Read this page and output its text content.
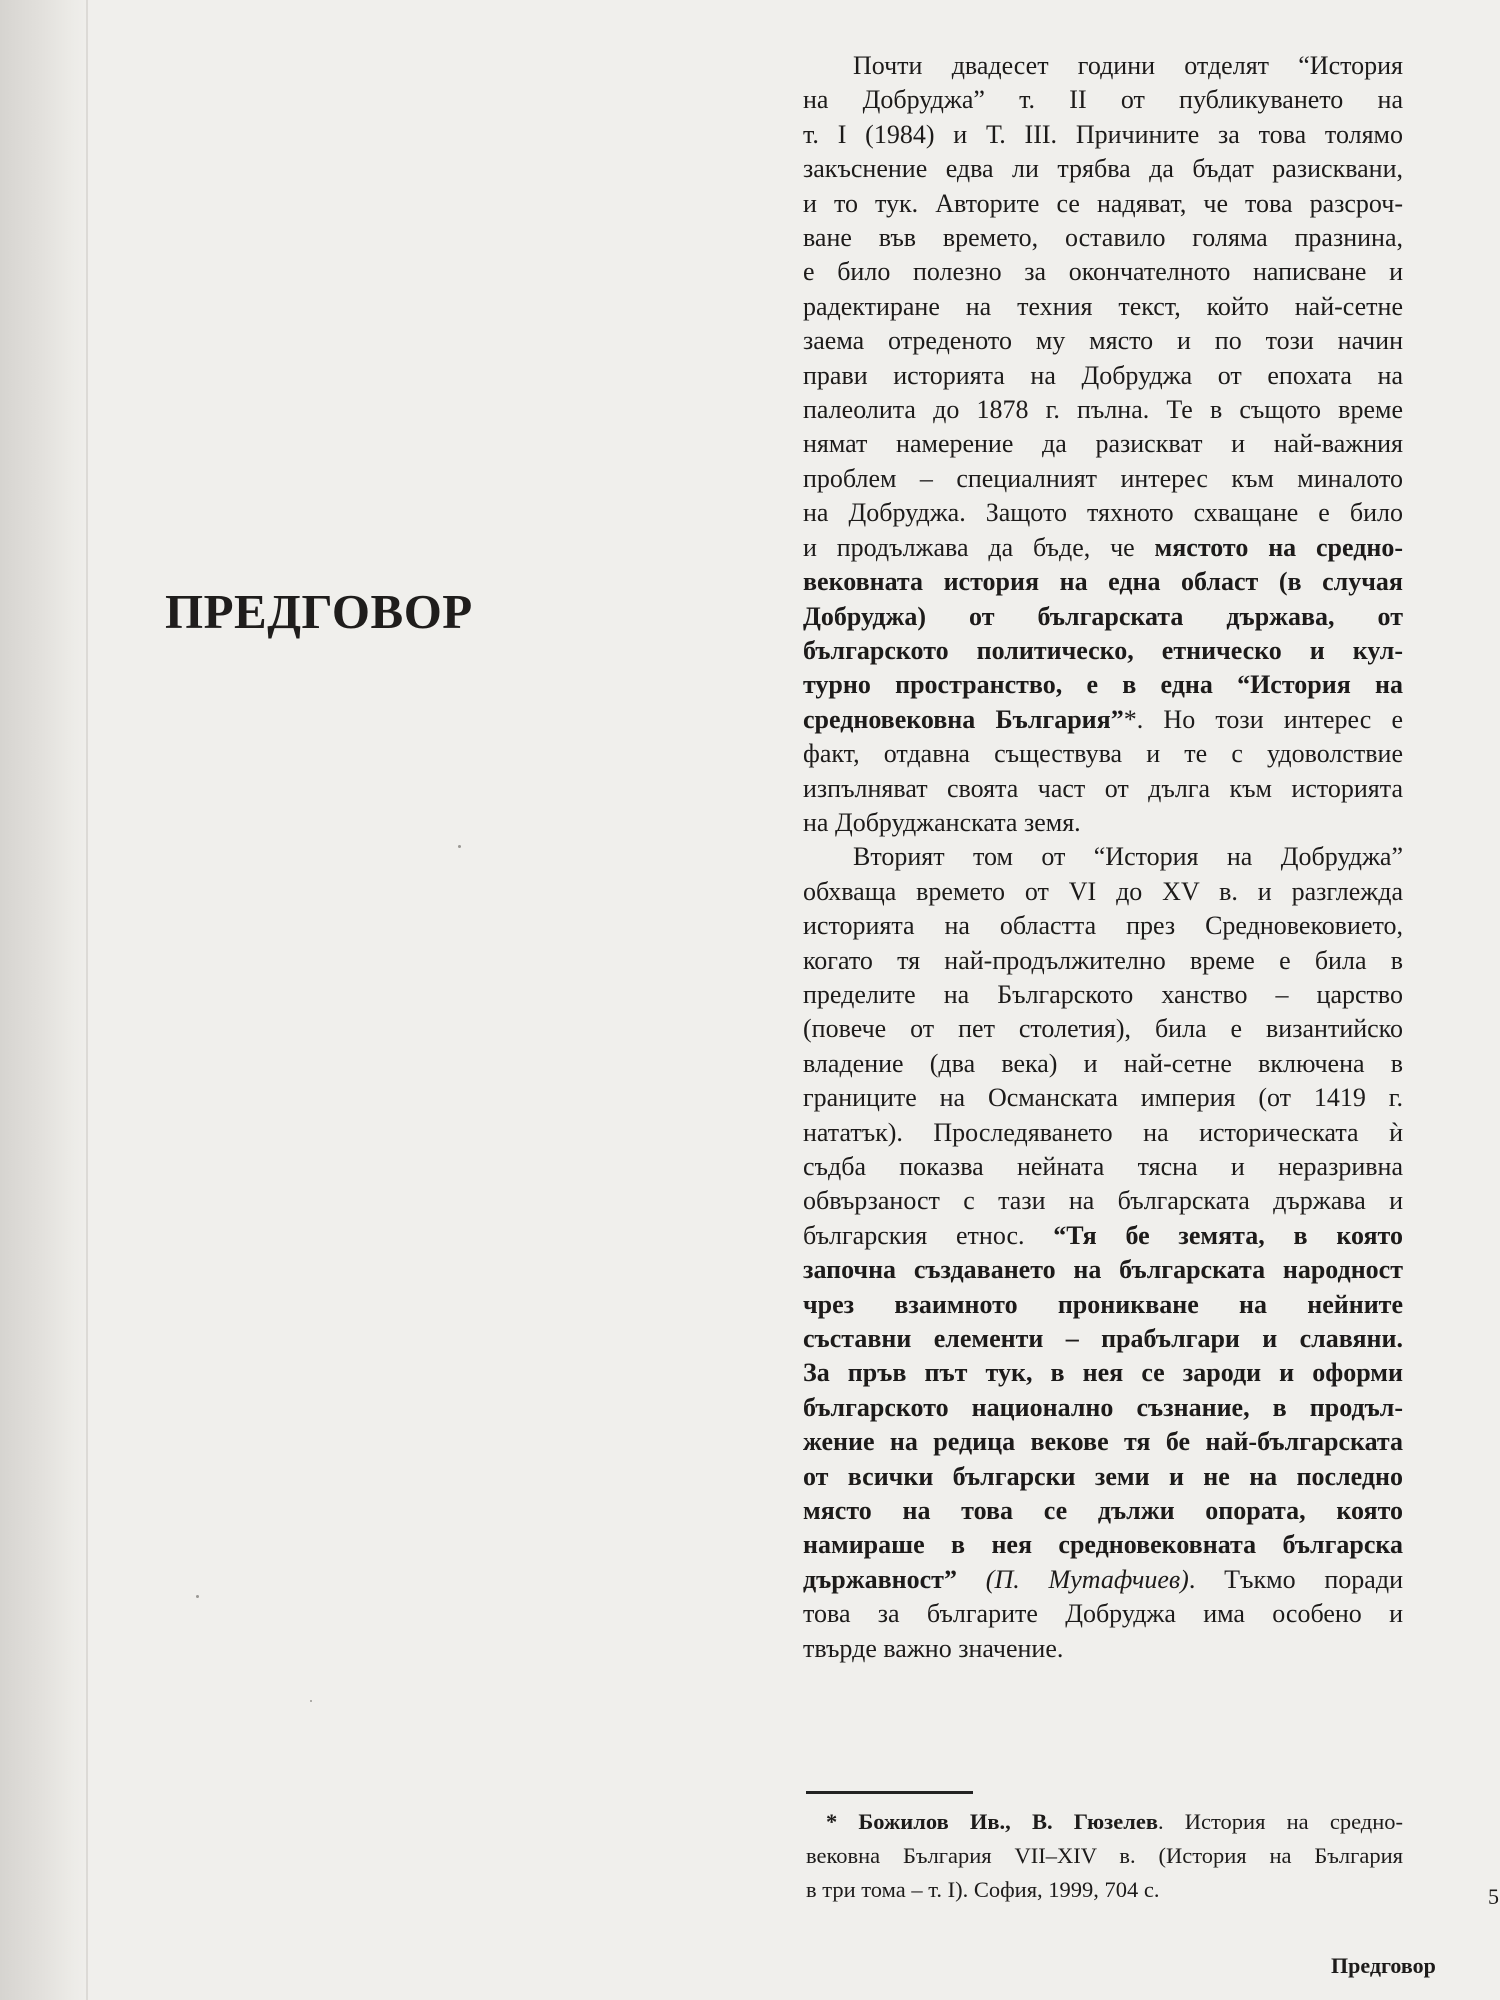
ПРЕДГОВОР
Почти двадесет години отделят “История
на Добруджа” т. II от публикуването на
т. I (1984) и Т. III. Причините за това толямо
закъснение едва ли трябва да бъдат разисквани,
и то тук. Авторите се надяват, че това разсроч-
ване във времето, оставило голяма празнина,
е било полезно за окончателното написване и
радектиране на техния текст, който най-сетне
заема отреденото му място и по този начин
прави историята на Добруджа от епохата на
палеолита до 1878 г. пълна. Те в същото време
нямат намерение да разискват и най-важния
проблем – специалният интерес към миналото
на Добруджа. Защото тяхното схващане е било
и продължава да бъде, че мястото на средно-
вековната история на една област (в случая
Добруджа) от българската държава, от
българското политическо, етническо и кул-
турно пространство, е в една “История на
средновековна България”*. Но този интерес е
факт, отдавна съществува и те с удоволствие
изпълняват своята част от дълга към историята
на Добруджанската земя.
Вторият том от “История на Добруджа”
обхваща времето от VI до XV в. и разглежда
историята на областта през Средновековието,
когато тя най-продължително време е била в
пределите на Българското ханство – царство
(повече от пет столетия), била е византийско
владение (два века) и най-сетне включена в
границите на Османската империя (от 1419 г.
нататък). Проследяването на историческата ѝ
съдба показва нейната тясна и неразривна
обвързаност с тази на българската държава и
българския етнос. “Тя бе земята, в която
започна създаването на българската народност
чрез взаимното проникване на нейните
съставни елементи – прабългари и славяни.
За пръв път тук, в нея се зароди и оформи
българското национално съзнание, в продъл-
жение на редица векове тя бе най-българската
от всички български земи и не на последно
място на това се дължи опората, която
намираше в нея средновековната българска
държавност” (П. Мутафчиев). Тъкмо поради
това за българите Добруджа има особено и
твърде важно значение.
* Божилов Ив., В. Гюзелев. История на средно-
вековна България VII–XIV в. (История на България
в три тома – т. I). София, 1999, 704 с.	5
Предговор
